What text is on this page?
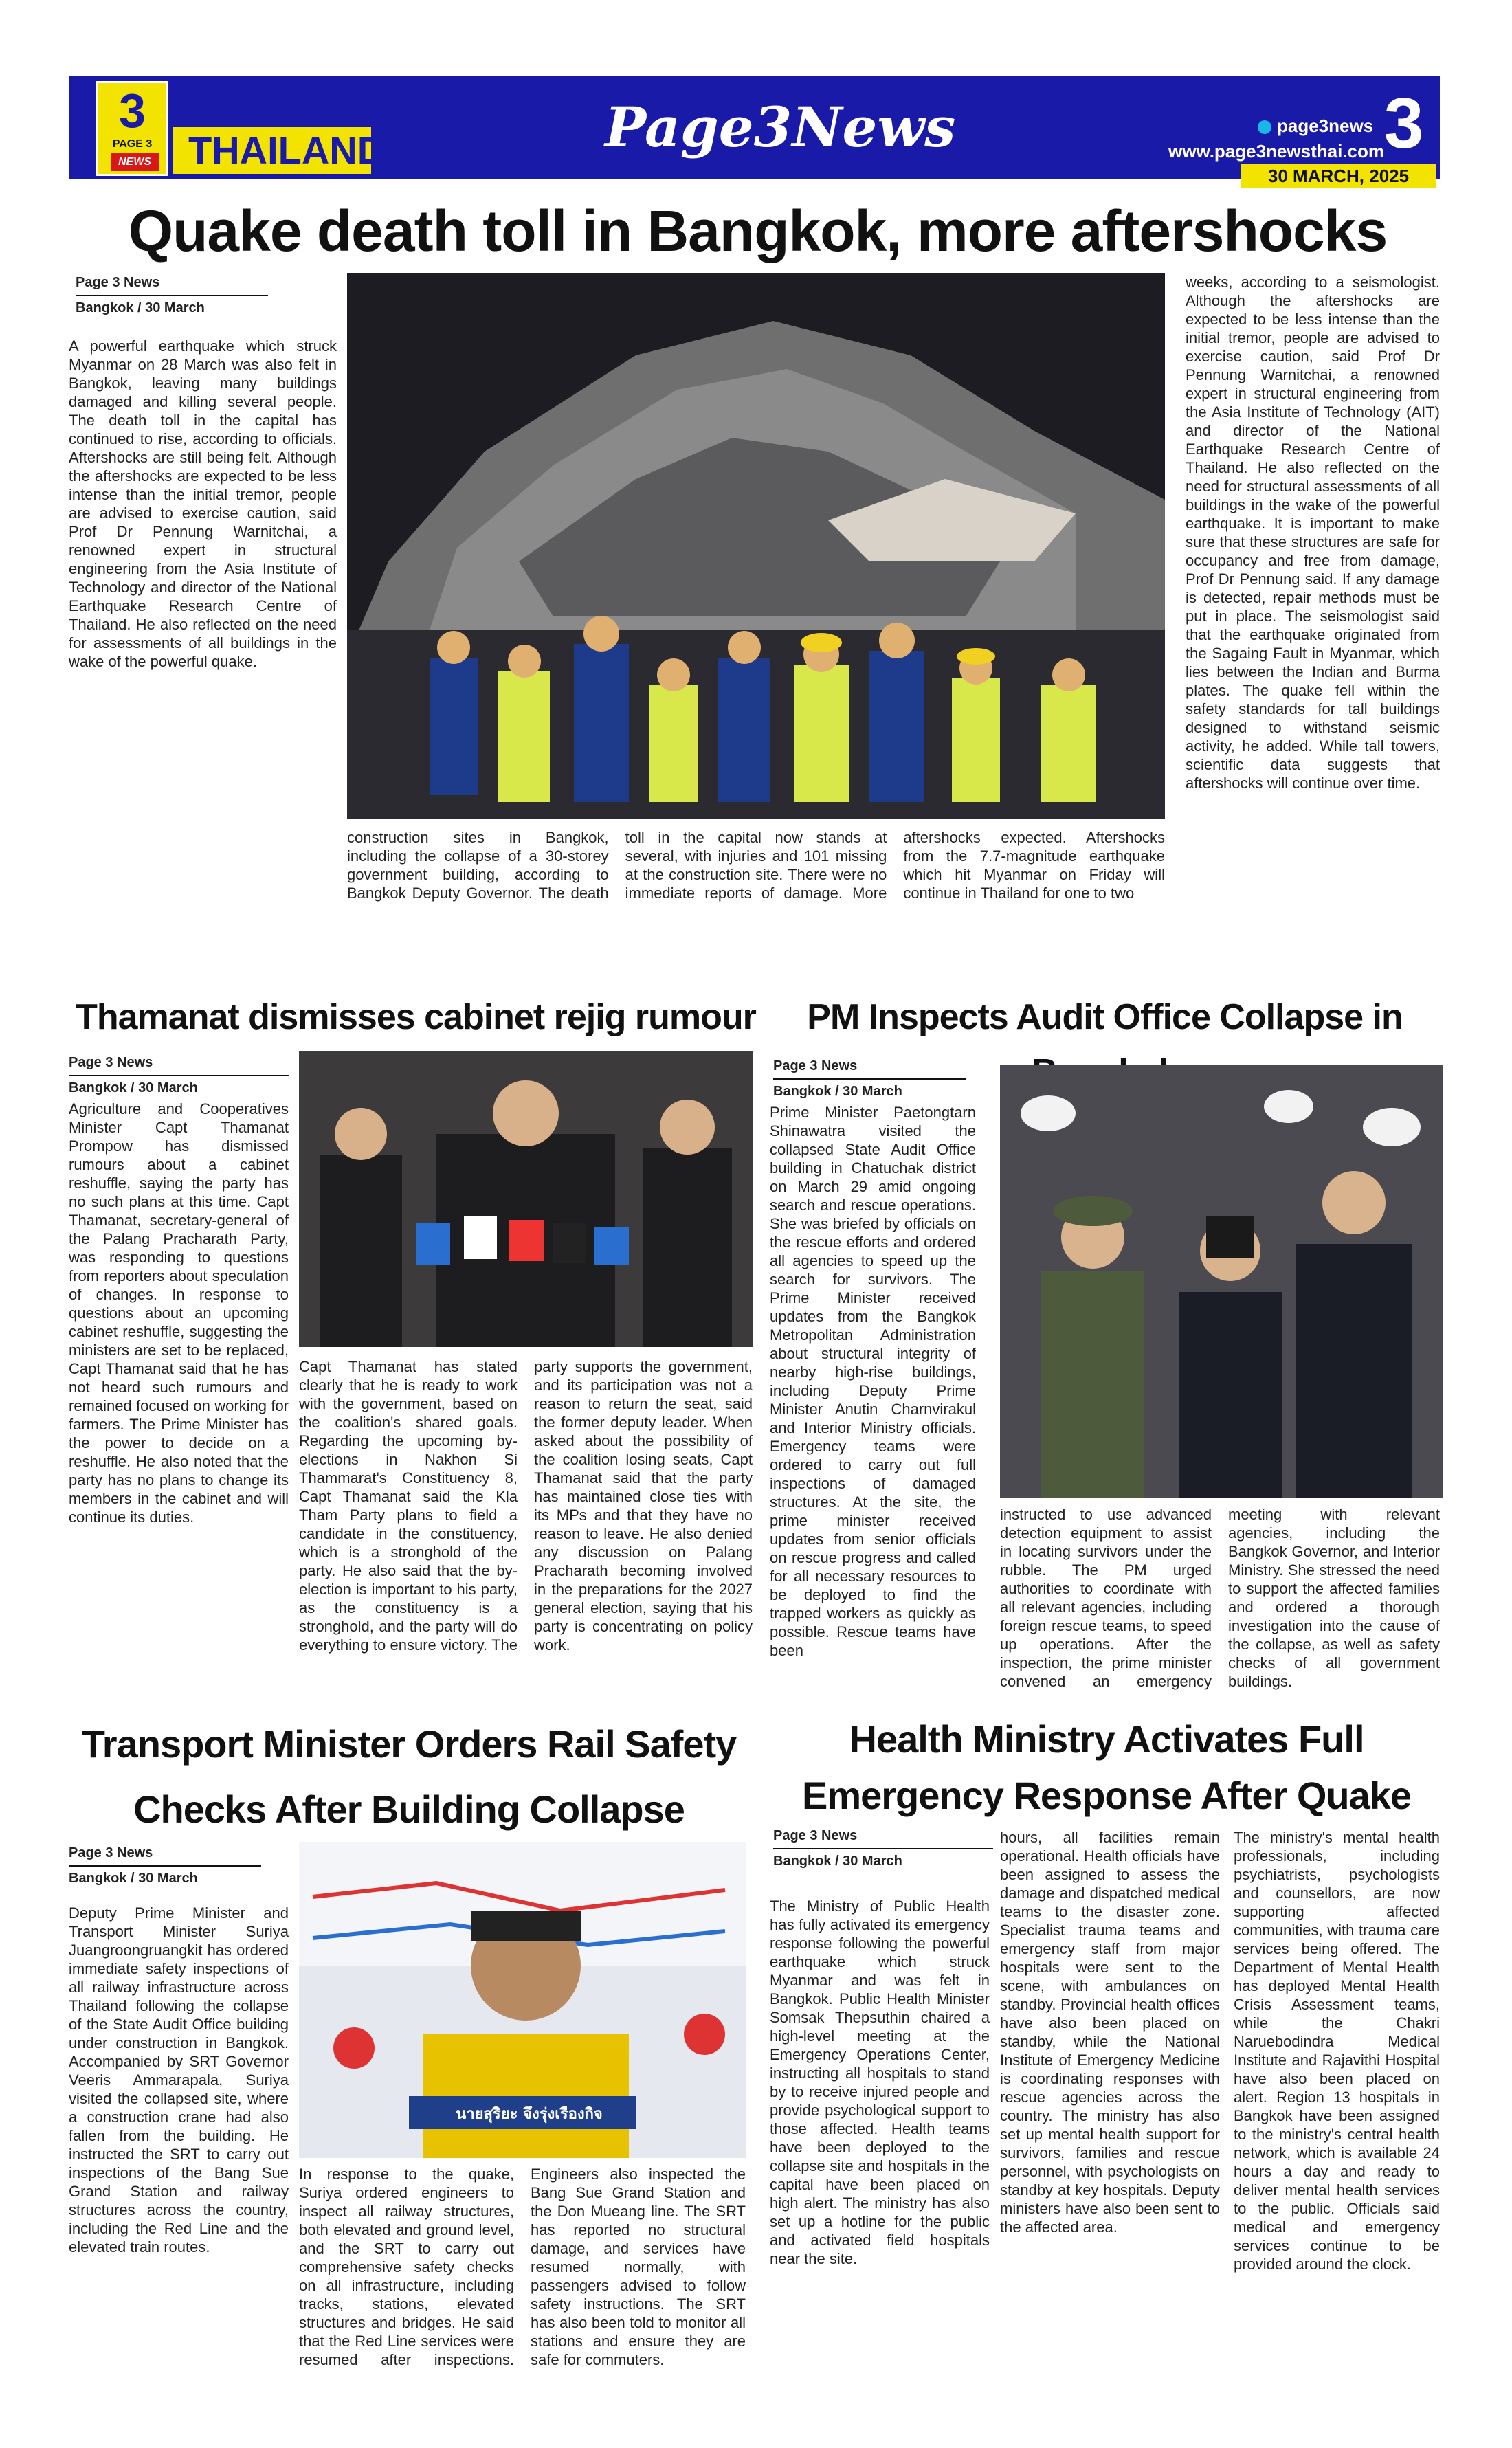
3
PAGE 3
NEWS THAILAND	Page3News	page3news
www.page3newsthai.com 3
30 MARCH, 2025
Quake death toll in Bangkok, more aftershocks
Page 3 News
Bangkok / 30 March
A powerful earthquake which struck Myanmar on 28 March was also felt in Bangkok, leaving many buildings damaged and killing several people. The death toll in the capital has continued to rise, according to officials. Aftershocks are still being felt. Although the aftershocks are expected to be less intense than the initial tremor, people are advised to exercise caution, said Prof Dr Pennung Warnitchai, a renowned expert in structural engineering from the Asia Institute of Technology and director of the National Earthquake Research Centre of Thailand. He also reflected on the need for assessments of all buildings in the wake of the powerful quake.
construction sites in Bangkok, including the collapse of a 30-storey government building, according to Bangkok Deputy Governor. The death toll in the capital now stands at several, with injuries and 101 missing at the construction site. There were no immediate reports of damage. More aftershocks expected. Aftershocks from the 7.7-magnitude earthquake which hit Myanmar on Friday will continue in Thailand for one to two
weeks, according to a seismologist. Although the aftershocks are expected to be less intense than the initial tremor, people are advised to exercise caution, said Prof Dr Pennung Warnitchai, a renowned expert in structural engineering from the Asia Institute of Technology (AIT) and director of the National Earthquake Research Centre of Thailand. He also reflected on the need for structural assessments of all buildings in the wake of the powerful earthquake. It is important to make sure that these structures are safe for occupancy and free from damage, Prof Dr Pennung said. If any damage is detected, repair methods must be put in place. The seismologist said that the earthquake originated from the Sagaing Fault in Myanmar, which lies between the Indian and Burma plates. The quake fell within the safety standards for tall buildings designed to withstand seismic activity, he added. While tall towers, scientific data suggests that aftershocks will continue over time.
Thamanat dismisses cabinet rejig rumour
Page 3 News
Bangkok / 30 March
Agriculture and Cooperatives Minister Capt Thamanat Prompow has dismissed rumours about a cabinet reshuffle, saying the party has no such plans at this time. Capt Thamanat, secretary-general of the Palang Pracharath Party, was responding to questions from reporters about speculation of changes. In response to questions about an upcoming cabinet reshuffle, suggesting the ministers are set to be replaced, Capt Thamanat said that he has not heard such rumours and remained focused on working for farmers. The Prime Minister has the power to decide on a reshuffle. He also noted that the party has no plans to change its members in the cabinet and will continue its duties.
Capt Thamanat has stated clearly that he is ready to work with the government, based on the coalition's shared goals. Regarding the upcoming by-elections in Nakhon Si Thammarat's Constituency 8, Capt Thamanat said the Kla Tham Party plans to field a candidate in the constituency, which is a stronghold of the party. He also said that the by-election is important to his party, as the constituency is a stronghold, and the party will do everything to ensure victory. The party supports the government, and its participation was not a reason to return the seat, said the former deputy leader. When asked about the possibility of the coalition losing seats, Capt Thamanat said that the party has maintained close ties with its MPs and that they have no reason to leave. He also denied any discussion on Palang Pracharath becoming involved in the preparations for the 2027 general election, saying that his party is concentrating on policy work.
PM Inspects Audit Office Collapse in
Page 3 News
Bangkok / 30 March
Prime Minister Paetongtarn Shinawatra visited the collapsed State Audit Office building in Chatuchak district on March 29 amid ongoing search and rescue operations. She was briefed by officials on the rescue efforts and ordered all agencies to speed up the search for survivors. The Prime Minister received updates from the Bangkok Metropolitan Administration about structural integrity of nearby high-rise buildings, including Deputy Prime Minister Anutin Charnvirakul and Interior Ministry officials. Emergency teams were ordered to carry out full inspections of damaged structures. At the site, the prime minister received updates from senior officials on rescue progress and called for all necessary resources to be deployed to find the trapped workers as quickly as possible. Rescue teams have been
instructed to use advanced detection equipment to assist in locating survivors under the rubble. The PM urged authorities to coordinate with all relevant agencies, including foreign rescue teams, to speed up operations. After the inspection, the prime minister convened an emergency meeting with relevant agencies, including the Bangkok Governor, and Interior Ministry. She stressed the need to support the affected families and ordered a thorough investigation into the cause of the collapse, as well as safety checks of all government buildings.
Transport Minister Orders Rail Safety Checks After Building Collapse
Page 3 News
Bangkok / 30 March
Deputy Prime Minister and Transport Minister Suriya Juangroongruangkit has ordered immediate safety inspections of all railway infrastructure across Thailand following the collapse of the State Audit Office building under construction in Bangkok. Accompanied by SRT Governor Veeris Ammarapala, Suriya visited the collapsed site, where a construction crane had also fallen from the building. He instructed the SRT to carry out inspections of the Bang Sue Grand Station and railway structures across the country, including the Red Line and the elevated train routes.
นายสุริยะ จึงรุ่งเรืองกิจ
In response to the quake, Suriya ordered engineers to inspect all railway structures, both elevated and ground level, and the SRT to carry out comprehensive safety checks on all infrastructure, including tracks, stations, elevated structures and bridges. He said that the Red Line services were resumed after inspections. Engineers also inspected the Bang Sue Grand Station and the Don Mueang line. The SRT has reported no structural damage, and services have resumed normally, with passengers advised to follow safety instructions. The SRT has also been told to monitor all stations and ensure they are safe for commuters.
Health Ministry Activates Full Emergency Response After Quake
Page 3 News
Bangkok / 30 March
The Ministry of Public Health has fully activated its emergency response following the powerful earthquake which struck Myanmar and was felt in Bangkok. Public Health Minister Somsak Thepsuthin chaired a high-level meeting at the Emergency Operations Center, instructing all hospitals to stand by to receive injured people and provide psychological support to those affected. Health teams have been deployed to the collapse site and hospitals in the capital have been placed on high alert. The ministry has also set up a hotline for the public and activated field hospitals near the site.
hours, all facilities remain operational. Health officials have been assigned to assess the damage and dispatched medical teams to the disaster zone. Specialist trauma teams and emergency staff from major hospitals were sent to the scene, with ambulances on standby. Provincial health offices have also been placed on standby, while the National Institute of Emergency Medicine is coordinating responses with rescue agencies across the country. The ministry has also set up mental health support for survivors, families and rescue personnel, with psychologists on standby at key hospitals. Deputy ministers have also been sent to the affected area.
The ministry's mental health professionals, including psychiatrists, psychologists and counsellors, are now supporting affected communities, with trauma care services being offered. The Department of Mental Health has deployed Mental Health Crisis Assessment teams, while the Chakri Naruebodindra Medical Institute and Rajavithi Hospital have also been placed on alert. Region 13 hospitals in Bangkok have been assigned to the ministry's central health network, which is available 24 hours a day and ready to deliver mental health services to the public. Officials said medical and emergency services continue to be provided around the clock.
